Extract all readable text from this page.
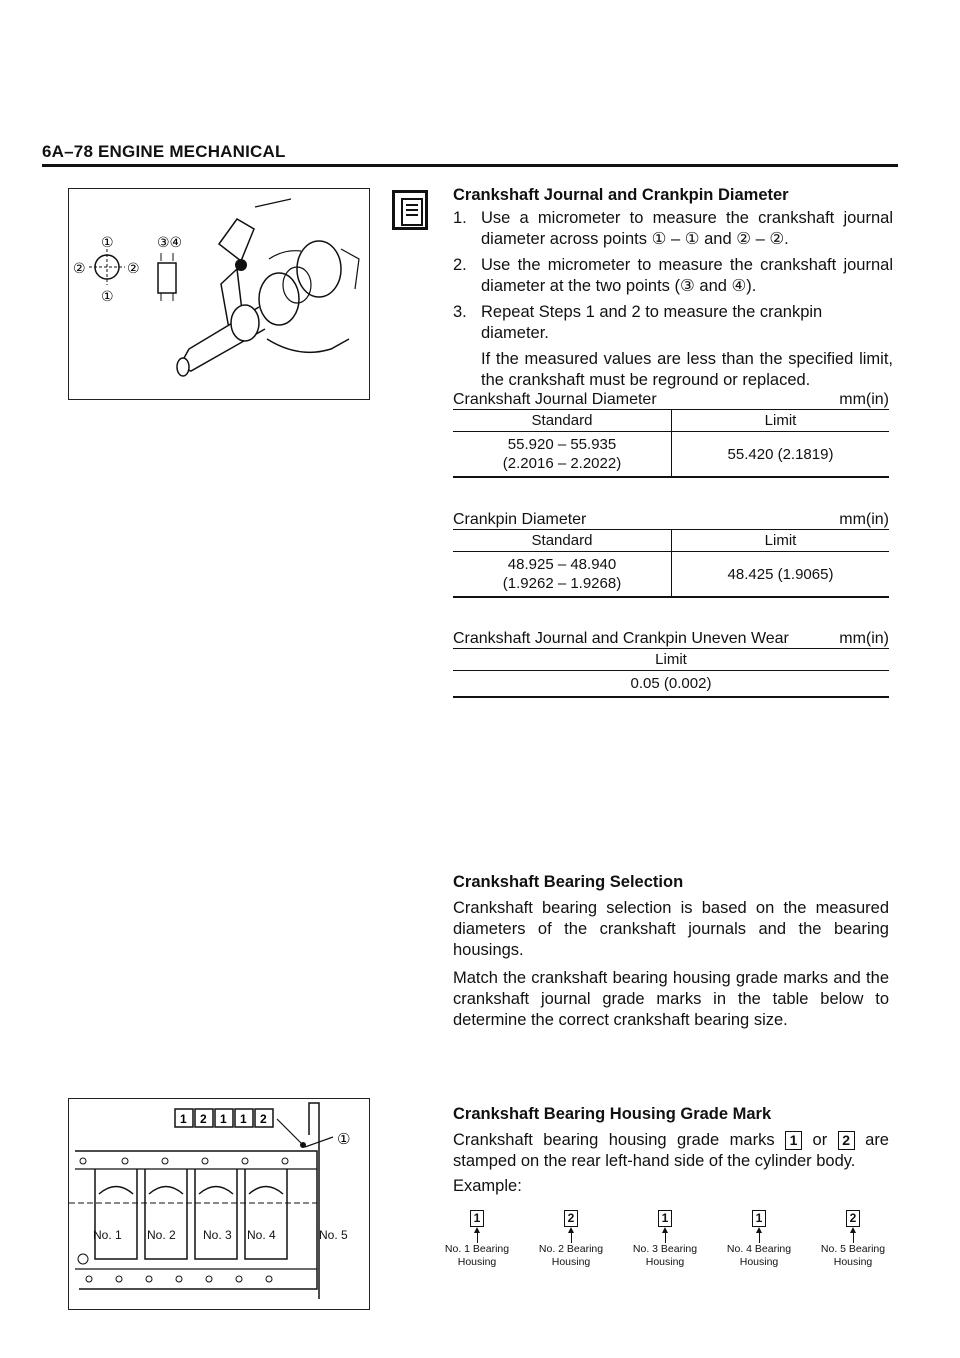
6A–78 ENGINE MECHANICAL
①	③④
②	②
①
Crankshaft Journal and Crankpin Diameter
1. Use a micrometer to measure the crankshaft journal diameter across points ① – ① and ② – ②.
2. Use the micrometer to measure the crankshaft journal diameter at the two points (③ and ④).
3. Repeat Steps 1 and 2 to measure the crankpin diameter.
If the measured values are less than the specified limit, the crankshaft must be reground or replaced.
Crankshaft Journal Diameter	mm(in)
Standard	Limit

55.920 – 55.935
(2.2016 – 2.2022)	55.420 (2.1819)
Crankpin Diameter	mm(in)
Standard	Limit

48.925 – 48.940
(1.9262 – 1.9268)	48.425 (1.9065)
Crankshaft Journal and Crankpin Uneven Wear	mm(in)
Limit
0.05 (0.002)
Crankshaft Bearing Selection
Crankshaft bearing selection is based on the measured diameters of the crankshaft journals and the bearing housings.
Match the crankshaft bearing housing grade marks and the crankshaft journal grade marks in the table below to determine the correct crankshaft bearing size.
1 2 1 1 2
①
No. 1 No. 2 No. 3 No. 4	No. 5
Crankshaft Bearing Housing Grade Mark
Crankshaft bearing housing grade marks 1 or 2 are stamped on the rear left-hand side of the cylinder body.
Example:
1
No. 1 Bearing
Housing
2
No. 2 Bearing
Housing
1
No. 3 Bearing
Housing
1
No. 4 Bearing
Housing
2
No. 5 Bearing
Housing
